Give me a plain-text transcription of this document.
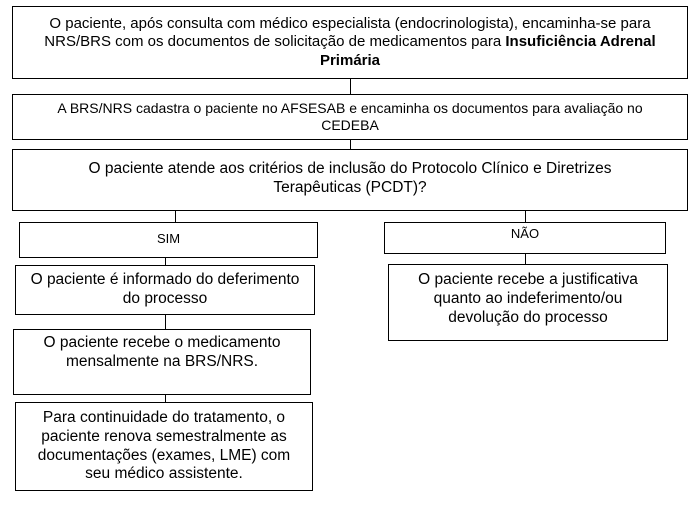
O paciente, após consulta com médico especialista (endocrinologista), encaminha-se para NRS/BRS com os documentos de solicitação de medicamentos para Insuficiência Adrenal Primária
A BRS/NRS cadastra o paciente no AFSESAB e encaminha os documentos para avaliação no CEDEBA
O paciente atende aos critérios de inclusão do Protocolo Clínico e Diretrizes Terapêuticas (PCDT)?
SIM	NÃO
O paciente é informado do deferimento do processo
O paciente recebe o medicamento mensalmente na BRS/NRS.
Para continuidade do tratamento, o paciente renova semestralmente as documentações (exames, LME) com seu médico assistente.
O paciente recebe a justificativa quanto ao indeferimento/ou devolução do processo
